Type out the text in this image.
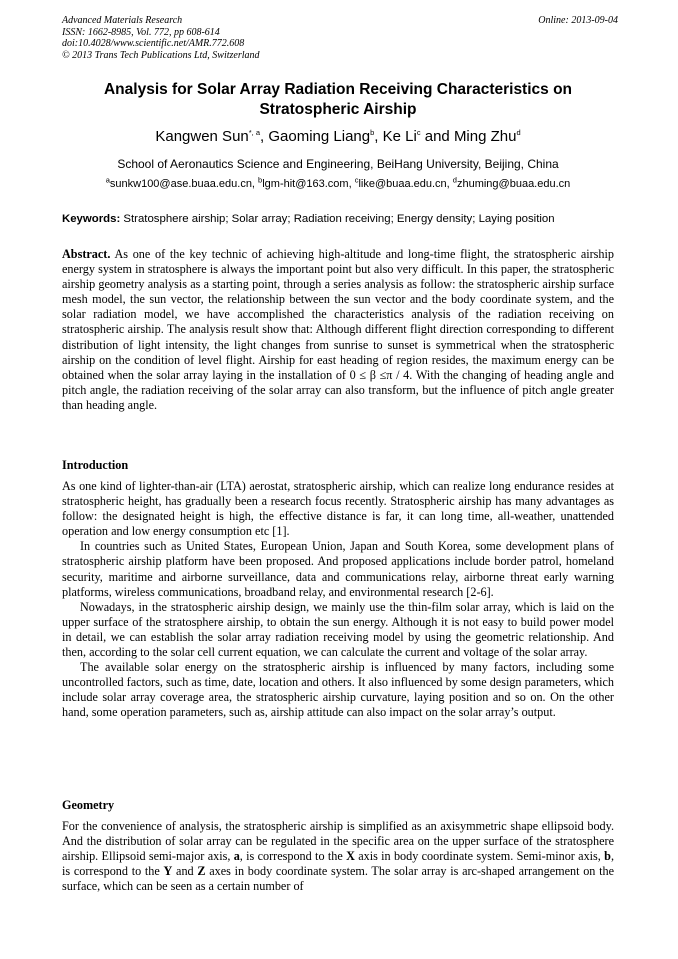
Advanced Materials Research
ISSN: 1662-8985, Vol. 772, pp 608-614
doi:10.4028/www.scientific.net/AMR.772.608
© 2013 Trans Tech Publications Ltd, Switzerland
Online: 2013-09-04
Analysis for Solar Array Radiation Receiving Characteristics on Stratospheric Airship
Kangwen Sun$^{*, a}$, Gaoming Liang$^b$, Ke Li$^c$ and Ming Zhu$^d$
School of Aeronautics Science and Engineering, BeiHang University, Beijing, China
$^a$sunkw100@ase.buaa.edu.cn, $^b$lgm-hit@163.com, $^c$like@buaa.edu.cn, $^d$zhuming@buaa.edu.cn
Keywords: Stratosphere airship; Solar array; Radiation receiving; Energy density; Laying position
Abstract. As one of the key technic of achieving high-altitude and long-time flight, the stratospheric airship energy system in stratosphere is always the important point but also very difficult. In this paper, the stratospheric airship geometry analysis as a starting point, through a series analysis as follow: the stratospheric airship surface mesh model, the sun vector, the relationship between the sun vector and the body coordinate system, and the solar radiation model, we have accomplished the characteristics analysis of the radiation receiving on stratospheric airship. The analysis result show that: Although different flight direction corresponding to different distribution of light intensity, the light changes from sunrise to sunset is symmetrical when the stratospheric airship on the condition of level flight. Airship for east heading of region resides, the maximum energy can be obtained when the solar array laying in the installation of 0 ≤ β ≤π / 4. With the changing of heading angle and pitch angle, the radiation receiving of the solar array can also transform, but the influence of pitch angle greater than heading angle.
Introduction

As one kind of lighter-than-air (LTA) aerostat, stratospheric airship, which can realize long endurance resides at stratospheric height, has gradually been a research focus recently. Stratospheric airship has many advantages as follow: the designated height is high, the effective distance is far, it can long time, all-weather, unattended operation and low energy consumption etc [1].

In countries such as United States, European Union, Japan and South Korea, some development plans of stratospheric airship platform have been proposed. And proposed applications include border patrol, homeland security, maritime and airborne surveillance, data and communications relay, airborne threat early warning platforms, wireless communications, broadband relay, and environmental research [2-6].

Nowadays, in the stratospheric airship design, we mainly use the thin-film solar array, which is laid on the upper surface of the stratosphere airship, to obtain the sun energy. Although it is not easy to build power model in detail, we can establish the solar array radiation receiving model by using the geometric relationship. And then, according to the solar cell current equation, we can calculate the current and voltage of the solar array.

The available solar energy on the stratospheric airship is influenced by many factors, including some uncontrolled factors, such as time, date, location and others. It also influenced by some design parameters, which include solar array coverage area, the stratospheric airship curvature, laying position and so on. On the other hand, some operation parameters, such as, airship attitude can also impact on the solar array’s output.

Geometry

For the convenience of analysis, the stratospheric airship is simplified as an axisymmetric shape ellipsoid body. And the distribution of solar array can be regulated in the specific area on the upper surface of the stratosphere airship. Ellipsoid semi-major axis, a, is correspond to the X axis in body coordinate system. Semi-minor axis, b, is correspond to the Y and Z axes in body coordinate system. The solar array is arc-shaped arrangement on the surface, which can be seen as a certain number of
